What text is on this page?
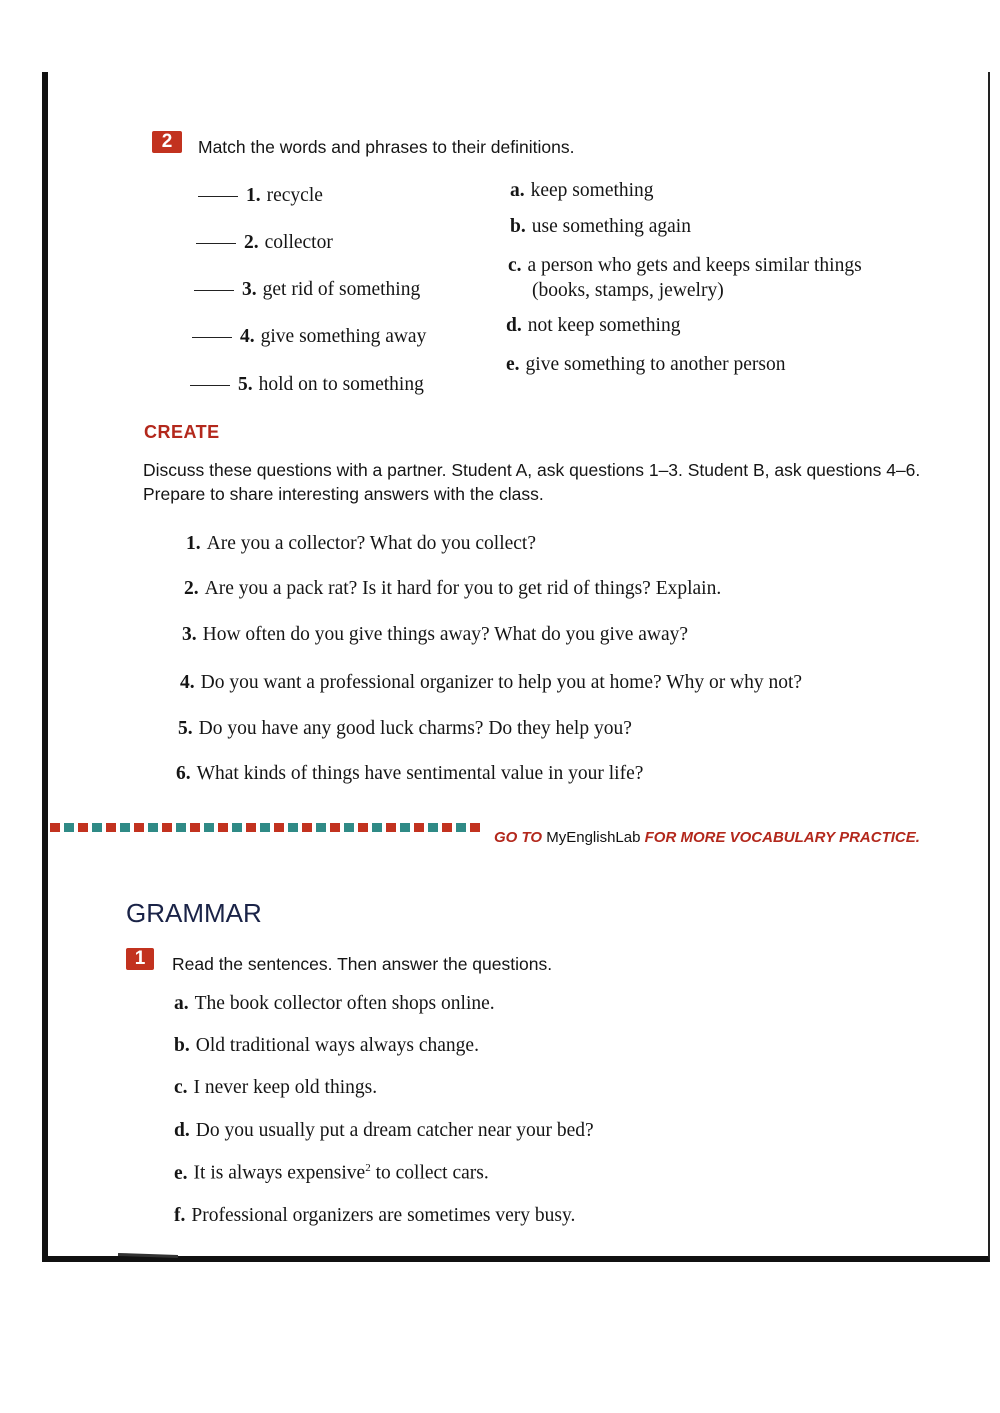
2	Match the words and phrases to their definitions.
1. recycle
2. collector
3. get rid of something
4. give something away
5. hold on to something
a. keep something
b. use something again
c. a person who gets and keeps similar things
(books, stamps, jewelry)
d. not keep something
e. give something to another person
CREATE
Discuss these questions with a partner. Student A, ask questions 1–3. Student B, ask questions 4–6. Prepare to share interesting answers with the class.
1. Are you a collector? What do you collect?
2. Are you a pack rat? Is it hard for you to get rid of things? Explain.
3. How often do you give things away? What do you give away?
4. Do you want a professional organizer to help you at home? Why or why not?
5. Do you have any good luck charms? Do they help you?
6. What kinds of things have sentimental value in your life?
GO TO MyEnglishLab FOR MORE VOCABULARY PRACTICE.
GRAMMAR
1	Read the sentences. Then answer the questions.
a. The book collector often shops online.
b. Old traditional ways always change.
c. I never keep old things.
d. Do you usually put a dream catcher near your bed?
e. It is always expensive$^2$ to collect cars.
f. Professional organizers are sometimes very busy.
